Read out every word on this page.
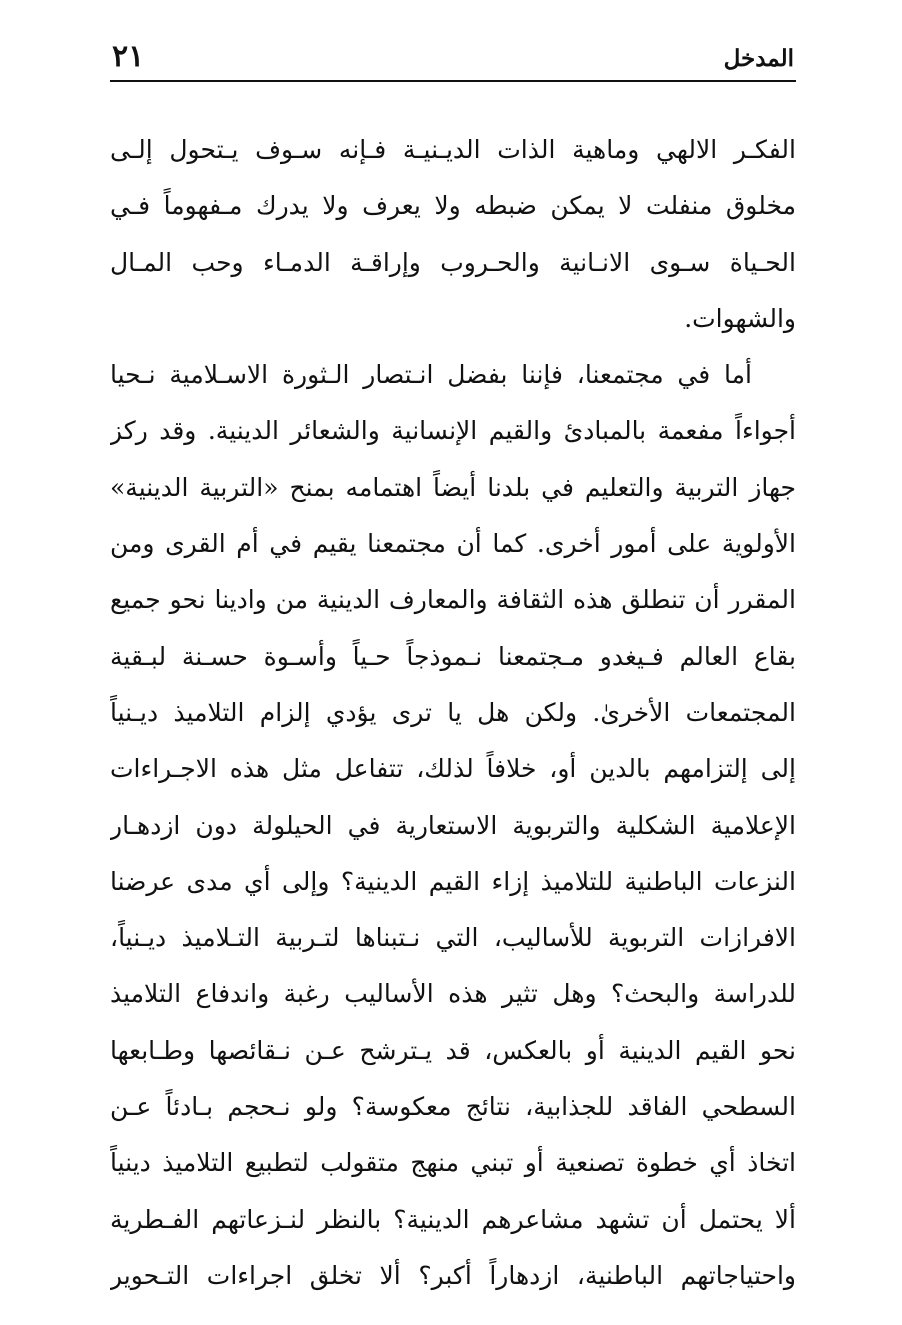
٢١	المدخل
الفكـر الالهي وماهية الذات الديـنيـة فـإنه سـوف يـتحول إلـى
مخلوق منفلت لا يمكن ضبطه ولا يعرف ولا يدرك مـفهوماً فـي
الحـياة سـوى الانـانية والحـروب وإراقـة الدمـاء وحب المـال
والشهوات.
أما في مجتمعنا، فإننا بفضل انـتصار الـثورة الاسـلامية نـحيا
أجواءاً مفعمة بالمبادئ والقيم الإنسانية والشعائر الدينية. وقد ركز
جهاز التربية والتعليم في بلدنا أيضاً اهتمامه بمنح «التربية الدينية»
الأولوية على أمور أخرى. كما أن مجتمعنا يقيم في أم القرى ومن
المقرر أن تنطلق هذه الثقافة والمعارف الدينية من وادينا نحو جميع
بقاع العالم فـيغدو مـجتمعنا نـموذجاً حـياً وأسـوة حسـنة لبـقية
المجتمعات الأخرىٰ. ولكن هل يا ترى يؤدي إلزام التلاميذ ديـنياً
إلى إلتزامهم بالدين أو، خلافاً لذلك، تتفاعل مثل هذه الاجـراءات
الإعلامية الشكلية والتربوية الاستعارية في الحيلولة دون ازدهـار
النزعات الباطنية للتلاميذ إزاء القيم الدينية؟ وإلى أي مدى عرضنا
الافرازات التربوية للأساليب، التي نـتبناها لتـربية التـلاميذ ديـنياً،
للدراسة والبحث؟ وهل تثير هذه الأساليب رغبة واندفاع التلاميذ
نحو القيم الدينية أو بالعكس، قد يـترشح عـن نـقائصها وطـابعها
السطحي الفاقد للجذابية، نتائج معكوسة؟ ولو نـحجم بـادئاً عـن
اتخاذ أي خطوة تصنعية أو تبني منهج متقولب لتطبيع التلاميذ دينياً
ألا يحتمل أن تشهد مشاعرهم الدينية؟ بالنظر لنـزعاتهم الفـطرية
واحتياجاتهم الباطنية، ازدهاراً أكبر؟ ألا تخلق اجراءات التـحوير
